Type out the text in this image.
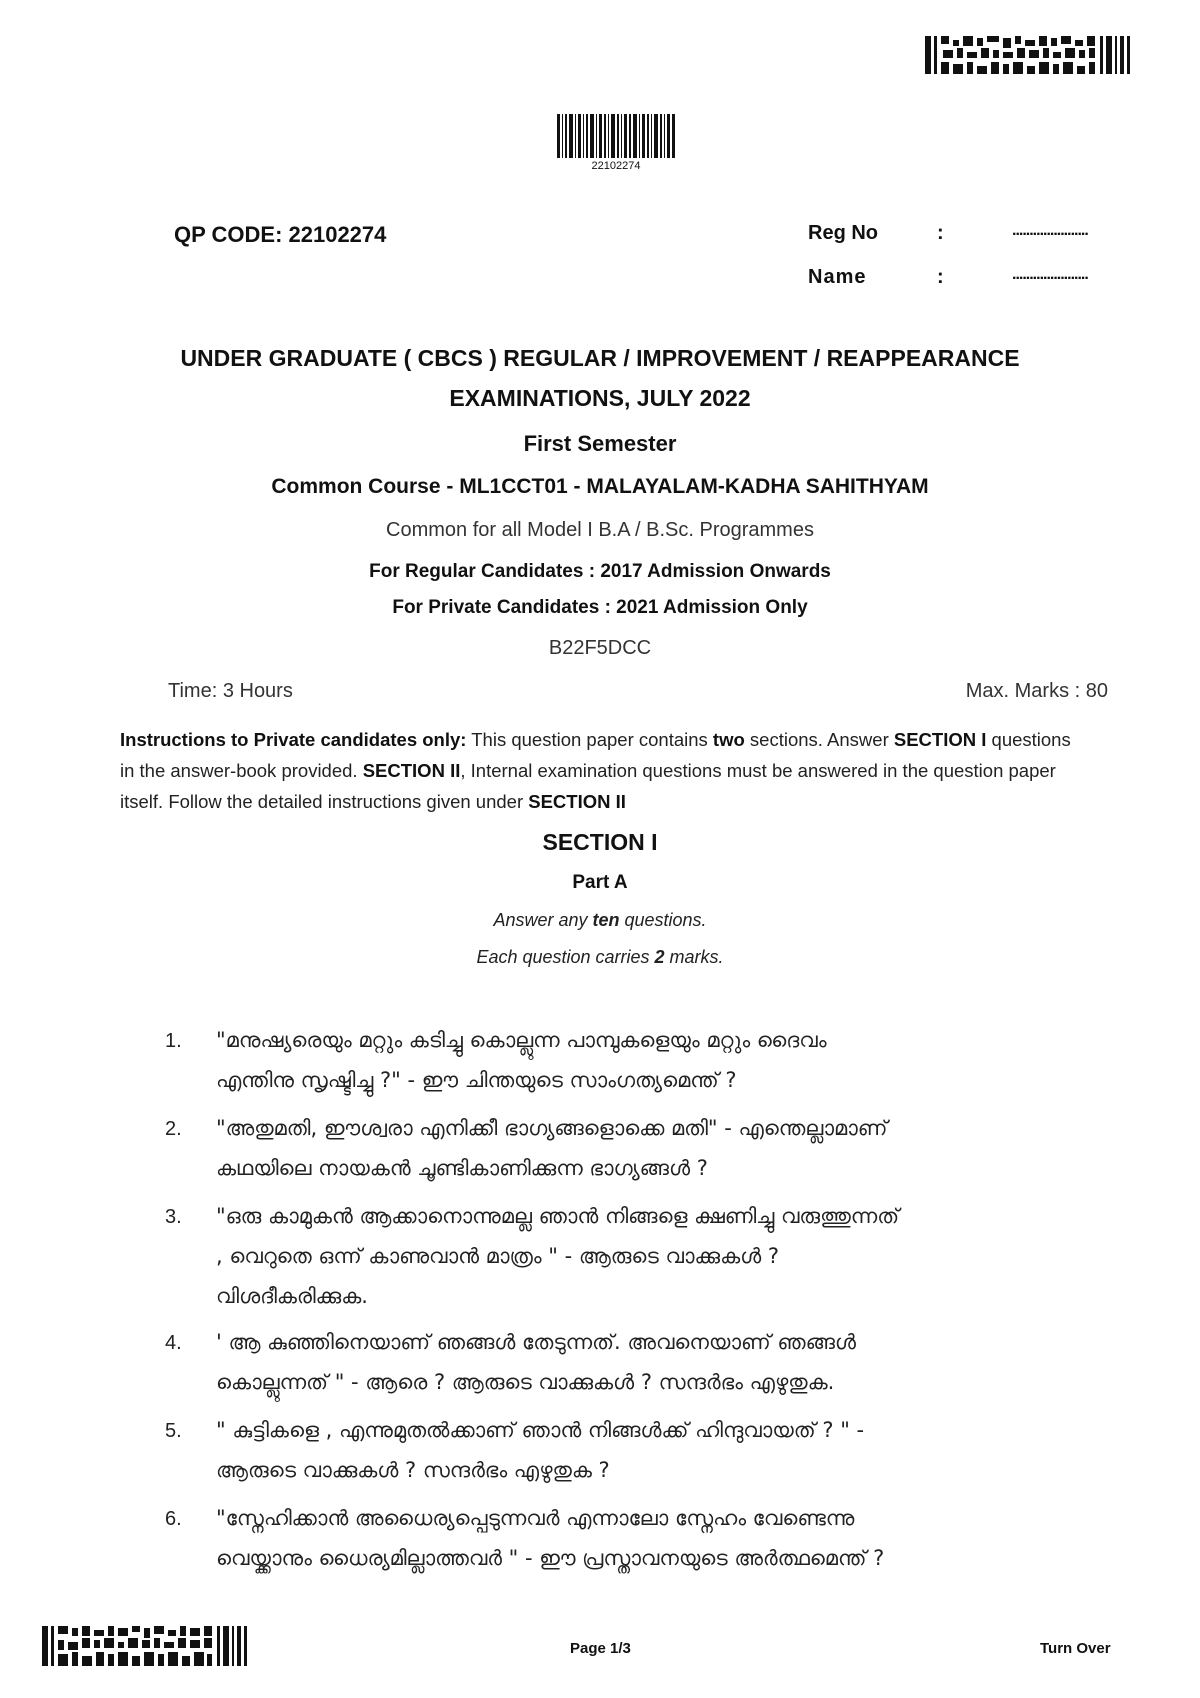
22102274
QP CODE: 22102274	Reg No	:	......................
Name	:	......................
UNDER GRADUATE ( CBCS ) REGULAR / IMPROVEMENT / REAPPEARANCE
EXAMINATIONS, JULY 2022
First Semester
Common Course - ML1CCT01 - MALAYALAM-KADHA SAHITHYAM
Common for all Model I B.A / B.Sc. Programmes
For Regular Candidates : 2017 Admission Onwards
For Private Candidates : 2021 Admission Only
B22F5DCC
Time: 3 Hours	Max. Marks : 80
Instructions to Private candidates only: This question paper contains two sections. Answer SECTION I questions in the answer-book provided. SECTION II, Internal examination questions must be answered in the question paper itself. Follow the detailed instructions given under SECTION II
SECTION I
Part A
Answer any ten questions.
Each question carries 2 marks.
1. "മനുഷ്യരെയും മറ്റും കടിച്ചു കൊല്ലുന്ന പാമ്പുകളെയും മറ്റും ദൈവം
എന്തിനു സൃഷ്ടിച്ചു ?" - ഈ ചിന്തയുടെ സാംഗത്യമെന്ത് ?
2. "അതുമതി, ഈശ്വരാ എനിക്കീ ഭാഗ്യങ്ങളൊക്കെ മതി" - എന്തെല്ലാമാണ്
കഥയിലെ നായകൻ ചൂണ്ടികാണിക്കുന്ന ഭാഗ്യങ്ങൾ ?
3. "ഒരു കാമുകൻ ആക്കാനൊന്നുമല്ല ഞാൻ നിങ്ങളെ ക്ഷണിച്ചു വരുത്തുന്നത്
, വെറുതെ ഒന്ന് കാണുവാൻ മാത്രം " - ആരുടെ വാക്കുകൾ ?
വിശദീകരിക്കുക.
4. ' ആ കുഞ്ഞിനെയാണ് ഞങ്ങൾ തേടുന്നത്. അവനെയാണ് ഞങ്ങൾ
കൊല്ലുന്നത് " - ആരെ ? ആരുടെ വാക്കുകൾ ? സന്ദർഭം എഴുതുക.
5. " കുട്ടികളെ , എന്നുമുതൽക്കാണ് ഞാൻ നിങ്ങൾക്ക് ഹിന്ദുവായത് ? " -
ആരുടെ വാക്കുകൾ ? സന്ദർഭം എഴുതുക ?
6. "സ്നേഹിക്കാൻ അധൈര്യപ്പെടുന്നവർ എന്നാലോ സ്നേഹം വേണ്ടെന്നു
വെയ്ക്കാനും ധൈര്യമില്ലാത്തവർ " - ഈ പ്രസ്താവനയുടെ അർത്ഥമെന്ത് ?
Page 1/3	Turn Over
